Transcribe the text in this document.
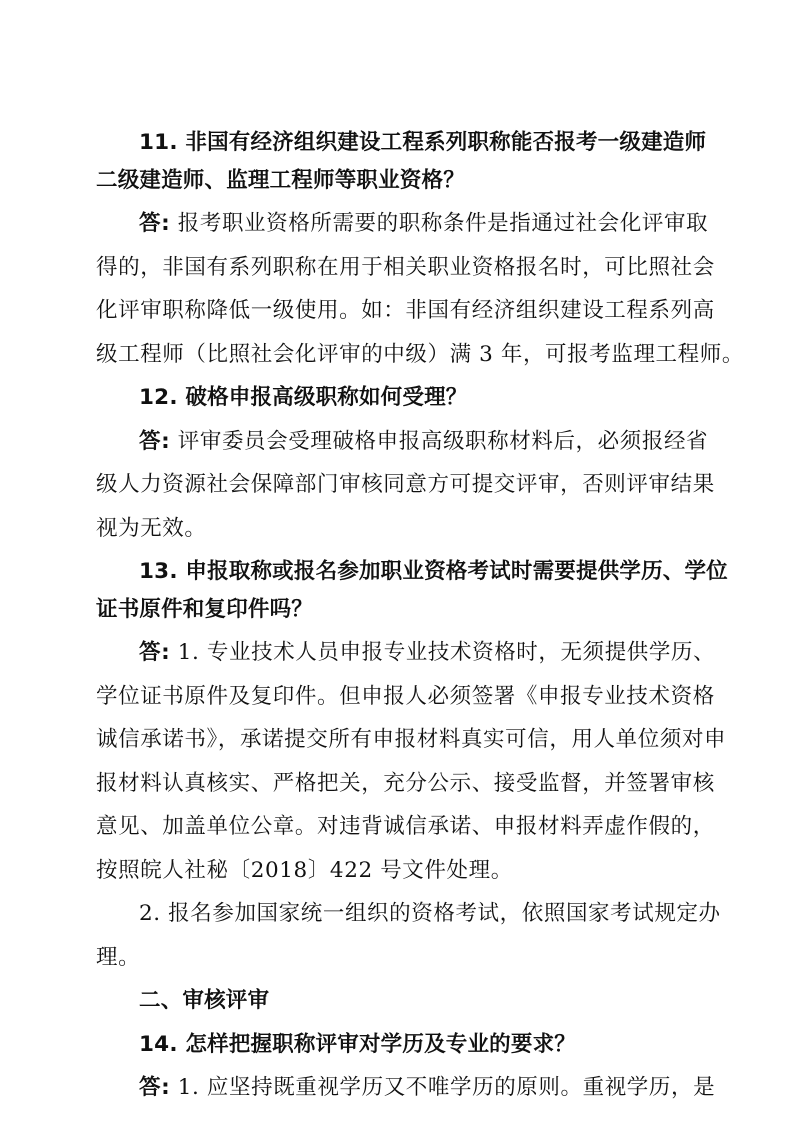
11. 非国有经济组织建设工程系列职称能否报考一级建造师
二级建造师、监理工程师等职业资格？
答: 报考职业资格所需要的职称条件是指通过社会化评审取
得的，非国有系列职称在用于相关职业资格报名时，可比照社会
化评审职称降低一级使用。如：非国有经济组织建设工程系列高
级工程师（比照社会化评审的中级）满 3 年，可报考监理工程师。
12. 破格申报高级职称如何受理？
答: 评审委员会受理破格申报高级职称材料后，必须报经省
级人力资源社会保障部门审核同意方可提交评审，否则评审结果
视为无效。
13. 申报取称或报名参加职业资格考试时需要提供学历、学位
证书原件和复印件吗？
答: 1. 专业技术人员申报专业技术资格时，无须提供学历、
学位证书原件及复印件。但申报人必须签署《申报专业技术资格
诚信承诺书》，承诺提交所有申报材料真实可信，用人单位须对申
报材料认真核实、严格把关，充分公示、接受监督，并签署审核
意见、加盖单位公章。对违背诚信承诺、申报材料弄虚作假的，
按照皖人社秘〔2018〕422 号文件处理。
2. 报名参加国家统一组织的资格考试，依照国家考试规定办
理。
二、审核评审
14. 怎样把握职称评审对学历及专业的要求？
答: 1. 应坚持既重视学历又不唯学历的原则。重视学历，是
